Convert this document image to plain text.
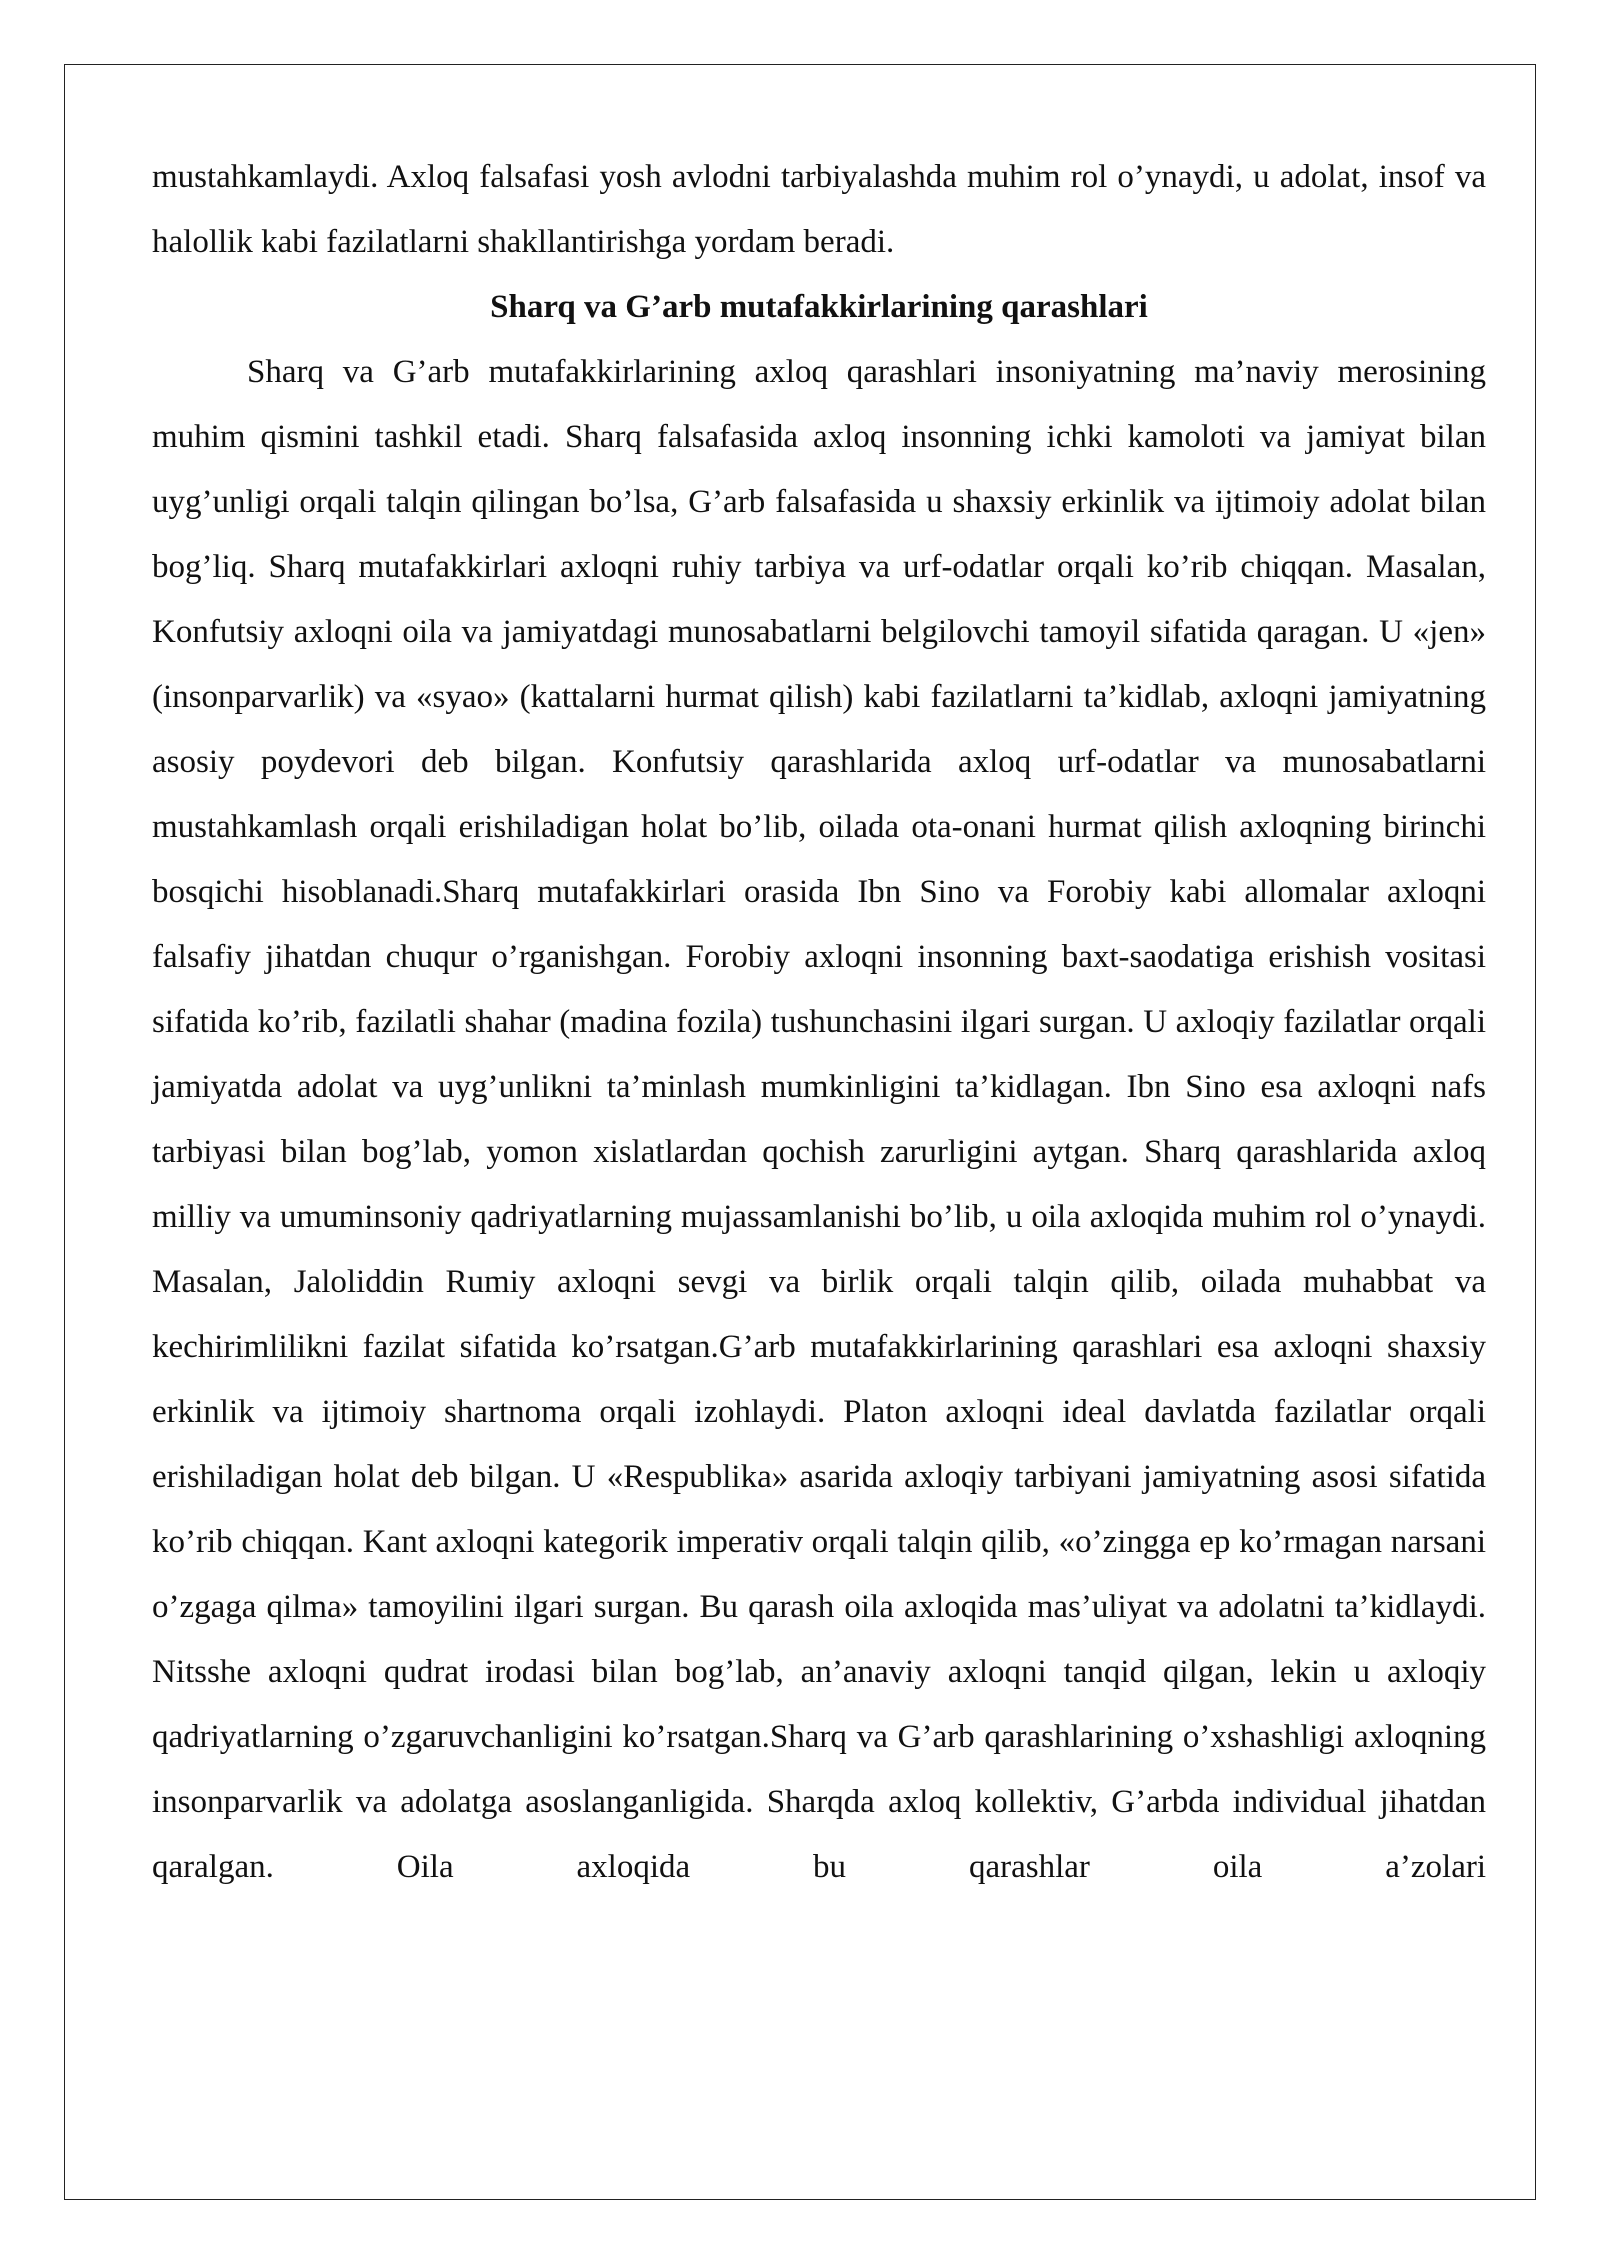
mustahkamlaydi. Axloq falsafasi yosh avlodni tarbiyalashda muhim rol o’ynaydi, u adolat, insof va halollik kabi fazilatlarni shakllantirishga yordam beradi.

Sharq va G’arb mutafakkirlarining qarashlari

Sharq va G’arb mutafakkirlarining axloq qarashlari insoniyatning ma’naviy merosining muhim qismini tashkil etadi. Sharq falsafasida axloq insonning ichki kamoloti va jamiyat bilan uyg’unligi orqali talqin qilingan bo’lsa, G’arb falsafasida u shaxsiy erkinlik va ijtimoiy adolat bilan bog’liq. Sharq mutafakkirlari axloqni ruhiy tarbiya va urf-odatlar orqali ko’rib chiqqan. Masalan, Konfutsiy axloqni oila va jamiyatdagi munosabatlarni belgilovchi tamoyil sifatida qaragan. U «jen» (insonparvarlik) va «syao» (kattalarni hurmat qilish) kabi fazilatlarni ta’kidlab, axloqni jamiyatning asosiy poydevori deb bilgan. Konfutsiy qarashlarida axloq urf-odatlar va munosabatlarni mustahkamlash orqali erishiladigan holat bo’lib, oilada ota-onani hurmat qilish axloqning birinchi bosqichi hisoblanadi.Sharq mutafakkirlari orasida Ibn Sino va Forobiy kabi allomalar axloqni falsafiy jihatdan chuqur o’rganishgan. Forobiy axloqni insonning baxt-saodatiga erishish vositasi sifatida ko’rib, fazilatli shahar (madina fozila) tushunchasini ilgari surgan. U axloqiy fazilatlar orqali jamiyatda adolat va uyg’unlikni ta’minlash mumkinligini ta’kidlagan. Ibn Sino esa axloqni nafs tarbiyasi bilan bog’lab, yomon xislatlardan qochish zarurligini aytgan. Sharq qarashlarida axloq milliy va umuminsoniy qadriyatlarning mujassamlanishi bo’lib, u oila axloqida muhim rol o’ynaydi. Masalan, Jaloliddin Rumiy axloqni sevgi va birlik orqali talqin qilib, oilada muhabbat va kechirimlilikni fazilat sifatida ko’rsatgan.G’arb mutafakkirlarining qarashlari esa axloqni shaxsiy erkinlik va ijtimoiy shartnoma orqali izohlaydi. Platon axloqni ideal davlatda fazilatlar orqali erishiladigan holat deb bilgan. U «Respublika» asarida axloqiy tarbiyani jamiyatning asosi sifatida ko’rib chiqqan. Kant axloqni kategorik imperativ orqali talqin qilib, «o’zingga ep ko’rmagan narsani o’zgaga qilma» tamoyilini ilgari surgan. Bu qarash oila axloqida mas’uliyat va adolatni ta’kidlaydi. Nitsshe axloqni qudrat irodasi bilan bog’lab, an’anaviy axloqni tanqid qilgan, lekin u axloqiy qadriyatlarning o’zgaruvchanligini ko’rsatgan.Sharq va G’arb qarashlarining o’xshashligi axloqning insonparvarlik va adolatga asoslanganligida. Sharqda axloq kollektiv, G’arbda individual jihatdan qaralgan. Oila axloqida bu qarashlar oila a’zolari
